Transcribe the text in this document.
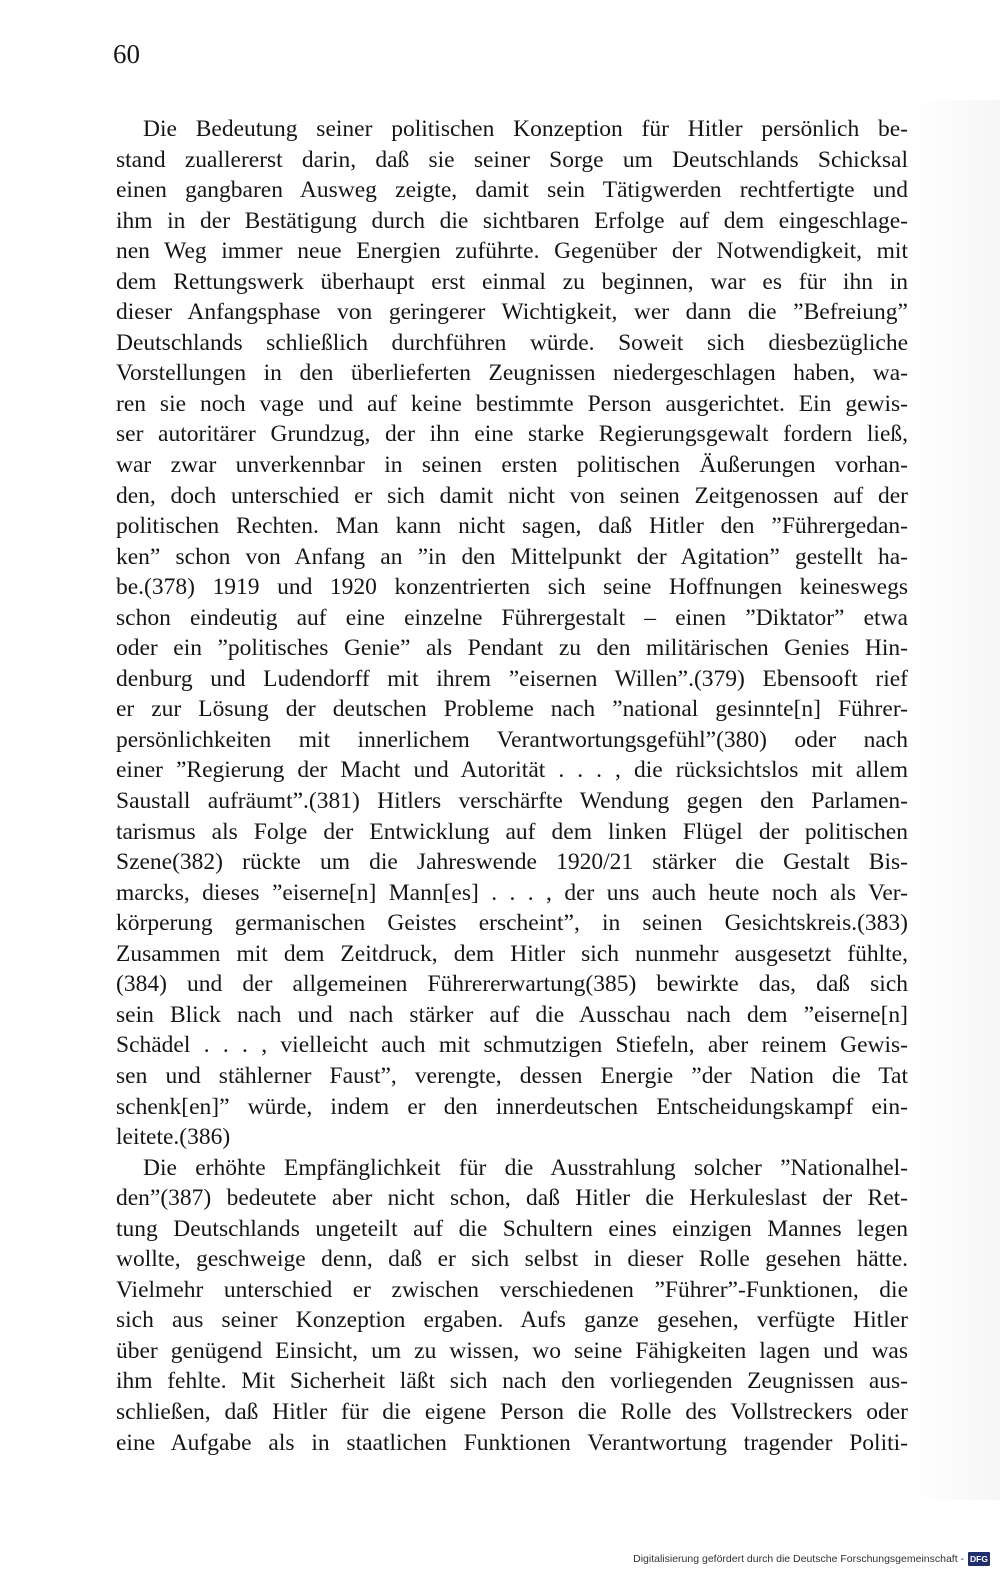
60
Die Bedeutung seiner politischen Konzeption für Hitler persönlich be-
stand zuallererst darin, daß sie seiner Sorge um Deutschlands Schicksal
einen gangbaren Ausweg zeigte, damit sein Tätigwerden rechtfertigte und
ihm in der Bestätigung durch die sichtbaren Erfolge auf dem eingeschlage-
nen Weg immer neue Energien zuführte. Gegenüber der Notwendigkeit, mit
dem Rettungswerk überhaupt erst einmal zu beginnen, war es für ihn in
dieser Anfangsphase von geringerer Wichtigkeit, wer dann die ”Befreiung”
Deutschlands schließlich durchführen würde. Soweit sich diesbezügliche
Vorstellungen in den überlieferten Zeugnissen niedergeschlagen haben, wa-
ren sie noch vage und auf keine bestimmte Person ausgerichtet. Ein gewis-
ser autoritärer Grundzug, der ihn eine starke Regierungsgewalt fordern ließ,
war zwar unverkennbar in seinen ersten politischen Äußerungen vorhan-
den, doch unterschied er sich damit nicht von seinen Zeitgenossen auf der
politischen Rechten. Man kann nicht sagen, daß Hitler den ”Führergedan-
ken” schon von Anfang an ”in den Mittelpunkt der Agitation” gestellt ha-
be.(378) 1919 und 1920 konzentrierten sich seine Hoffnungen keineswegs
schon eindeutig auf eine einzelne Führergestalt – einen ”Diktator” etwa
oder ein ”politisches Genie” als Pendant zu den militärischen Genies Hin-
denburg und Ludendorff mit ihrem ”eisernen Willen”.(379) Ebensooft rief
er zur Lösung der deutschen Probleme nach ”national gesinnte[n] Führer-
persönlichkeiten mit innerlichem Verantwortungsgefühl”(380) oder nach
einer ”Regierung der Macht und Autorität . . . , die rücksichtslos mit allem
Saustall aufräumt”.(381) Hitlers verschärfte Wendung gegen den Parlamen-
tarismus als Folge der Entwicklung auf dem linken Flügel der politischen
Szene(382) rückte um die Jahreswende 1920/21 stärker die Gestalt Bis-
marcks, dieses ”eiserne[n] Mann[es] . . . , der uns auch heute noch als Ver-
körperung germanischen Geistes erscheint”, in seinen Gesichtskreis.(383)
Zusammen mit dem Zeitdruck, dem Hitler sich nunmehr ausgesetzt fühlte,
(384) und der allgemeinen Führererwartung(385) bewirkte das, daß sich
sein Blick nach und nach stärker auf die Ausschau nach dem ”eiserne[n]
Schädel . . . , vielleicht auch mit schmutzigen Stiefeln, aber reinem Gewis-
sen und stählerner Faust”, verengte, dessen Energie ”der Nation die Tat
schenk[en]” würde, indem er den innerdeutschen Entscheidungskampf ein-
leitete.(386)
Die erhöhte Empfänglichkeit für die Ausstrahlung solcher ”Nationalhel-
den”(387) bedeutete aber nicht schon, daß Hitler die Herkuleslast der Ret-
tung Deutschlands ungeteilt auf die Schultern eines einzigen Mannes legen
wollte, geschweige denn, daß er sich selbst in dieser Rolle gesehen hätte.
Vielmehr unterschied er zwischen verschiedenen ”Führer”-Funktionen, die
sich aus seiner Konzeption ergaben. Aufs ganze gesehen, verfügte Hitler
über genügend Einsicht, um zu wissen, wo seine Fähigkeiten lagen und was
ihm fehlte. Mit Sicherheit läßt sich nach den vorliegenden Zeugnissen aus-
schließen, daß Hitler für die eigene Person die Rolle des Vollstreckers oder
eine Aufgabe als in staatlichen Funktionen Verantwortung tragender Politi-
Digitalisierung gefördert durch die Deutsche Forschungsgemeinschaft - DFG
